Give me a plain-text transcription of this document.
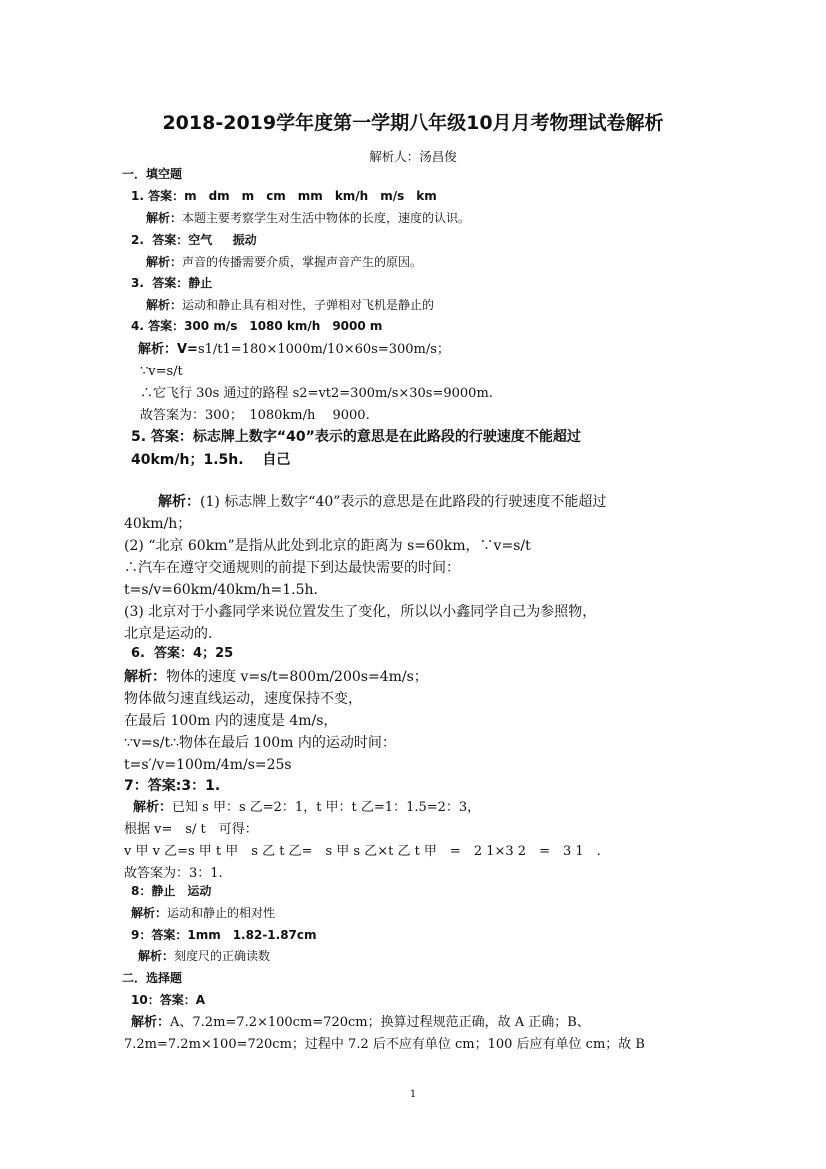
2018-2019学年度第一学期八年级10月月考物理试卷解析
解析人：汤昌俊
一．填空题
1. 答案：m　dm　m　cm　mm　km/h　m/s　km
解析：本题主要考察学生对生活中物体的长度，速度的认识。
2.  答案：空气　  振动
解析：声音的传播需要介质，掌握声音产生的原因。
3.  答案：静止
解析：运动和静止具有相对性，子弹相对飞机是静止的
4. 答案：300 m/s　1080 km/h　9000 m
解析：V=s1/t1=180×1000m/10×60s=300m/s；
∵v=s/t
∴它飞行 30s 通过的路程 s2=vt2=300m/s×30s=9000m.
故答案为：300；　1080km/h　 9000.
5. 答案：标志牌上数字“40”表示的意思是在此路段的行驶速度不能超过
40km/h；1.5h.　 自己
解析：(1) 标志牌上数字“40”表示的意思是在此路段的行驶速度不能超过
40km/h；
(2) “北京 60km”是指从此处到北京的距离为 s=60km，∵v=s/t
∴汽车在遵守交通规则的前提下到达最快需要的时间：
t=s/v=60km/40km/h=1.5h.
(3) 北京对于小鑫同学来说位置发生了变化，所以以小鑫同学自己为参照物，
北京是运动的.
6.  答案：4；25
解析：物体的速度 v=s/t=800m/200s=4m/s；
物体做匀速直线运动，速度保持不变，
在最后 100m 内的速度是 4m/s，
∵v=s/t∴物体在最后 100m 内的运动时间：
t=s′/v=100m/4m/s=25s
7：答案:3：1.
解析：已知 s 甲：s 乙=2：1，t 甲：t 乙=1：1.5=2：3，
根据 v=　s/ t　可得：
v 甲 v 乙=s 甲 t 甲　s 乙 t 乙=　s 甲 s 乙×t 乙 t 甲　=　2 1×3 2　=　3 1　.
故答案为：3：1.
8：静止　运动
解析：运动和静止的相对性
9：答案：1mm　1.82-1.87cm
解析：刻度尺的正确读数
二．选择题
10：答案：A
解析：A、7.2m=7.2×100cm=720cm；换算过程规范正确，故 A 正确；B、
7.2m=7.2m×100=720cm；过程中 7.2 后不应有单位 cm；100 后应有单位 cm；故 B
1
